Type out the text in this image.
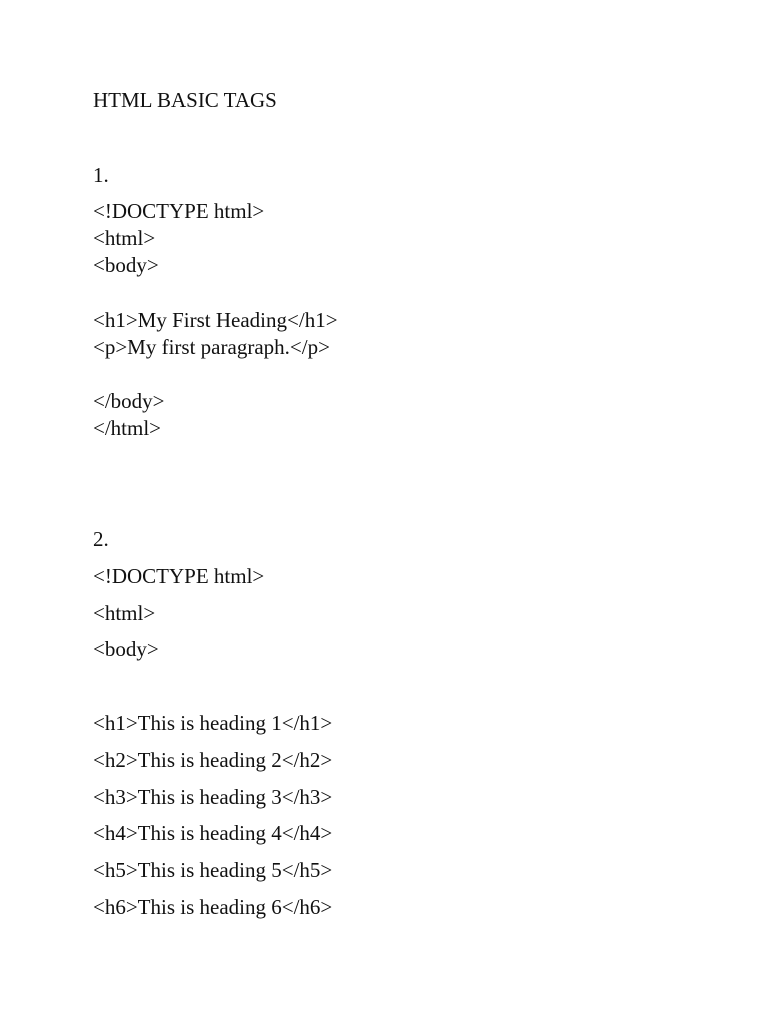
HTML BASIC TAGS
1.
<!DOCTYPE html>
<html>
<body>
<h1>My First Heading</h1>
<p>My first paragraph.</p>
</body>
</html>
2.
<!DOCTYPE html>
<html>
<body>
<h1>This is heading 1</h1>
<h2>This is heading 2</h2>
<h3>This is heading 3</h3>
<h4>This is heading 4</h4>
<h5>This is heading 5</h5>
<h6>This is heading 6</h6>
